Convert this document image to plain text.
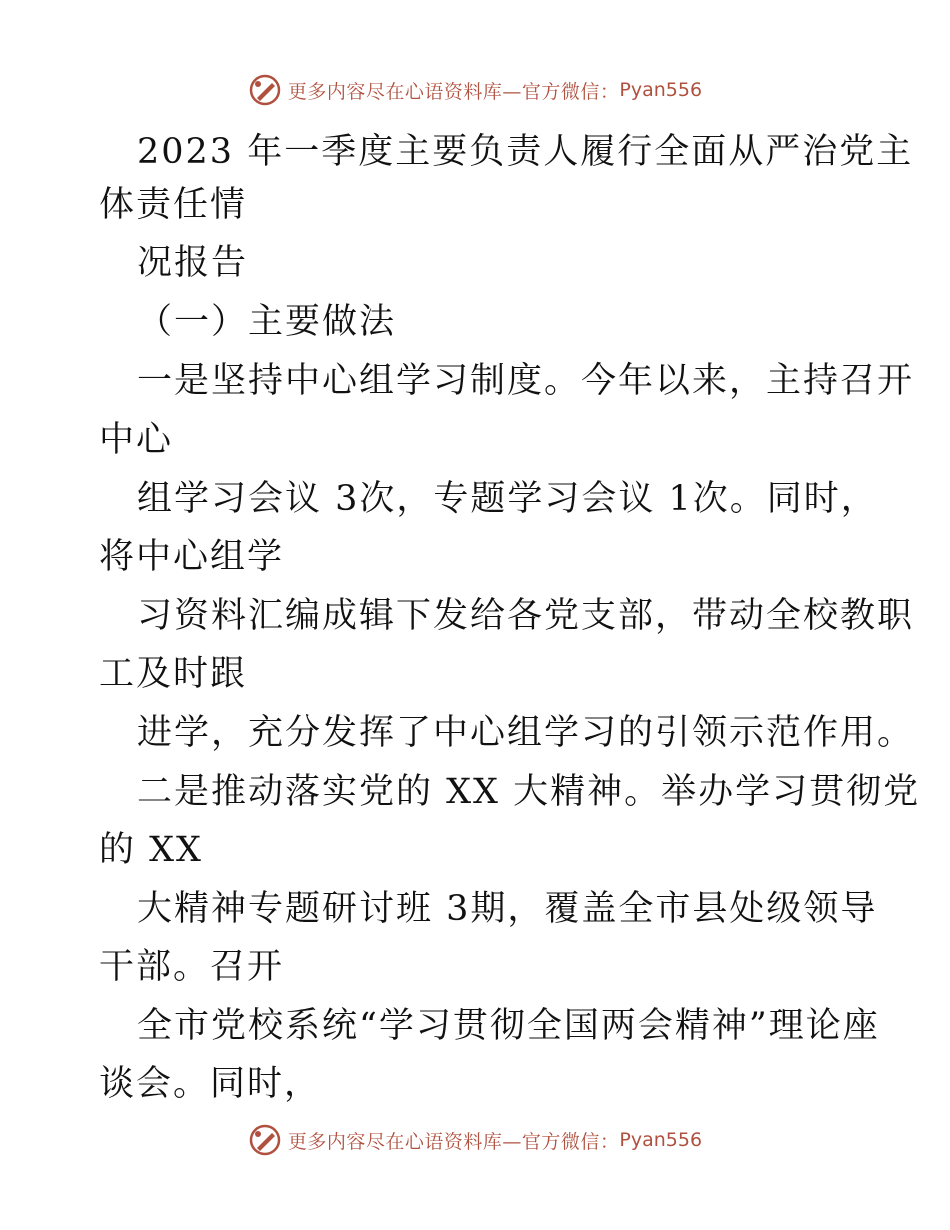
更多内容尽在心语资料库—官方微信： Pyan556
2023 年一季度主要负责人履行全面从严治党主
体责任情
况报告
（一）主要做法
一是坚持中心组学习制度。今年以来，主持召开
中心
组学习会议 3次，专题学习会议 1次。同时，
将中心组学
习资料汇编成辑下发给各党支部，带动全校教职
工及时跟
进学，充分发挥了中心组学习的引领示范作用。
二是推动落实党的 XX 大精神。举办学习贯彻党
的 XX
大精神专题研讨班 3期，覆盖全市县处级领导
干部。召开
全市党校系统“学习贯彻全国两会精神”理论座
谈会。同时，
更多内容尽在心语资料库—官方微信： Pyan556
